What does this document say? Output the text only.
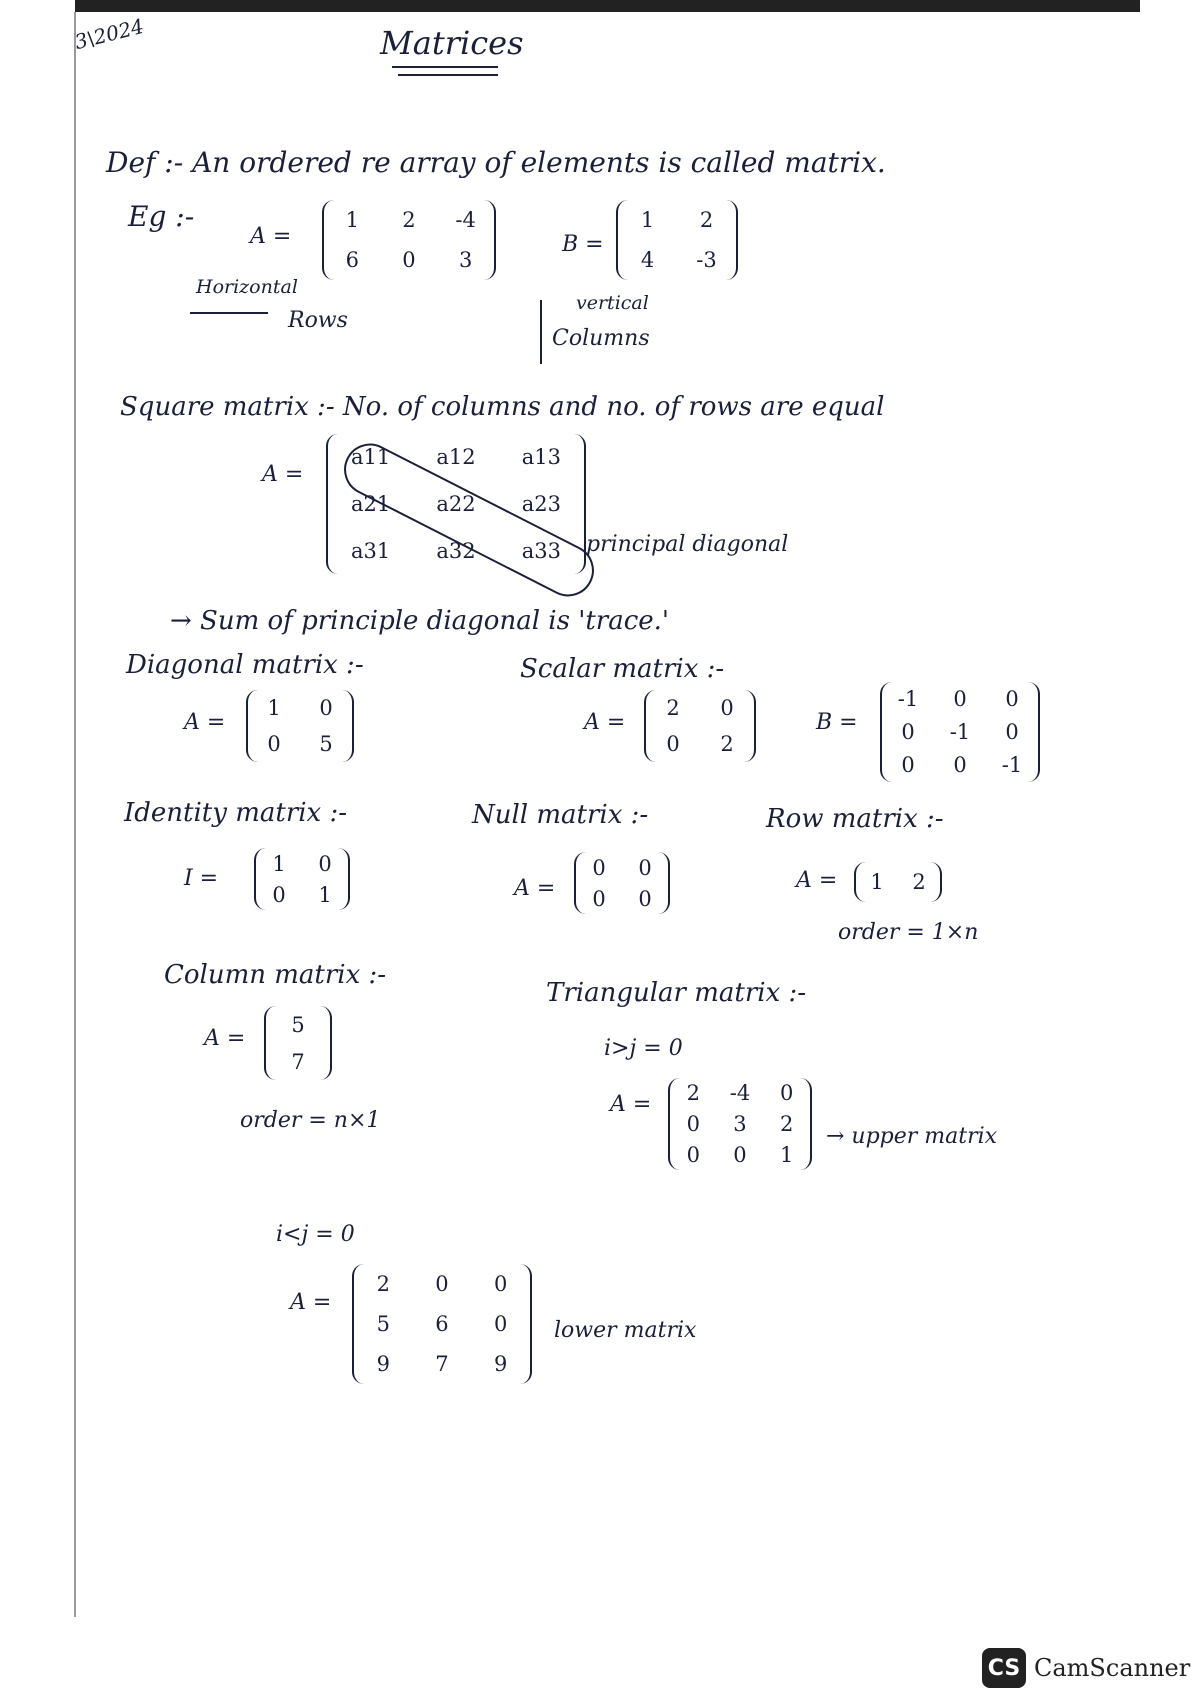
3\2024	Matrices
Def :- An ordered re array of elements is called matrix.
Eg :-
A =
1 2 -4
6 0 3
B =
1 2
4 -3
Horizontal
Rows
vertical
Columns
Square matrix :- No. of columns and no. of rows are equal
A =
a11 a12 a13
a21 a22 a23
a31 a32 a33 principal diagonal
→ Sum of principle diagonal is 'trace.'
Diagonal matrix :-
A =
1 0
0 5
Scalar matrix :-
A =
2 0
0 2
B =
-1 0 0
0 -1 0
0 0 -1
Identity matrix :-
I =
1 0
0 1
Null matrix :-
A =
0 0
0 0
Row matrix :-
A = 1 2
order = 1×n
Column matrix :-
A =
5
7
order = n×1
Triangular matrix :-
i>j = 0
A = 2 -4 0
0 3 2
0 0 1
→ upper matrix
i<j = 0
A =
2 0 0
5 6 0
9 7 9
lower matrix
CS CamScanner
